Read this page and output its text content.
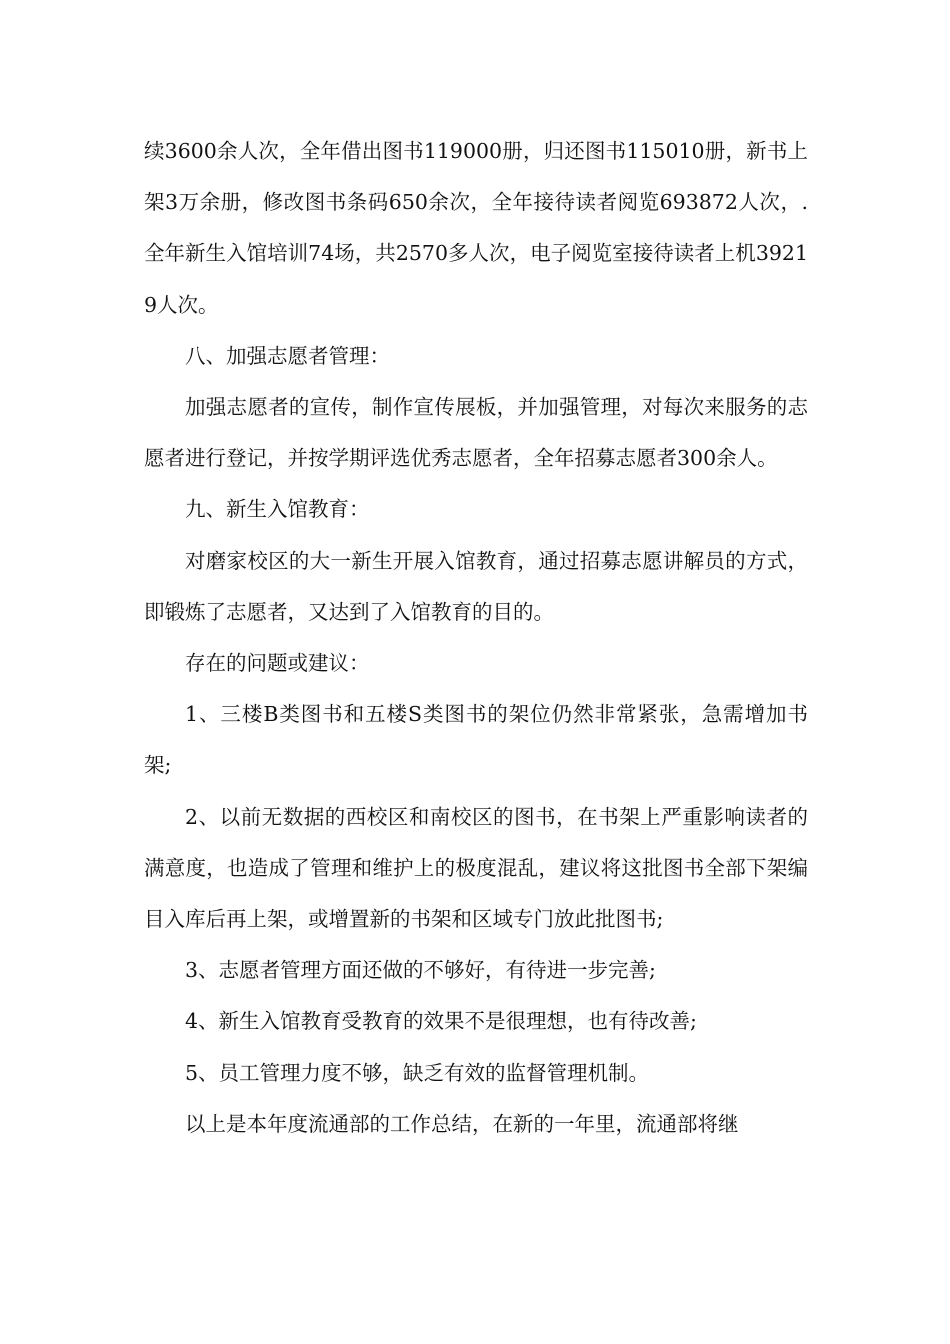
续3600余人次，全年借出图书119000册，归还图书115010册，新书上架3万余册，修改图书条码650余次，全年接待读者阅览693872人次，.全年新生入馆培训74场，共2570多人次，电子阅览室接待读者上机39219人次。

八、加强志愿者管理：

加强志愿者的宣传，制作宣传展板，并加强管理，对每次来服务的志愿者进行登记，并按学期评选优秀志愿者，全年招募志愿者300余人。

九、新生入馆教育：

对磨家校区的大一新生开展入馆教育，通过招募志愿讲解员的方式，即锻炼了志愿者，又达到了入馆教育的目的。

存在的问题或建议：

1、三楼B类图书和五楼S类图书的架位仍然非常紧张，急需增加书架;

2、以前无数据的西校区和南校区的图书，在书架上严重影响读者的满意度，也造成了管理和维护上的极度混乱，建议将这批图书全部下架编目入库后再上架，或增置新的书架和区域专门放此批图书;

3、志愿者管理方面还做的不够好，有待进一步完善;

4、新生入馆教育受教育的效果不是很理想，也有待改善;

5、员工管理力度不够，缺乏有效的监督管理机制。

以上是本年度流通部的工作总结，在新的一年里，流通部将继
